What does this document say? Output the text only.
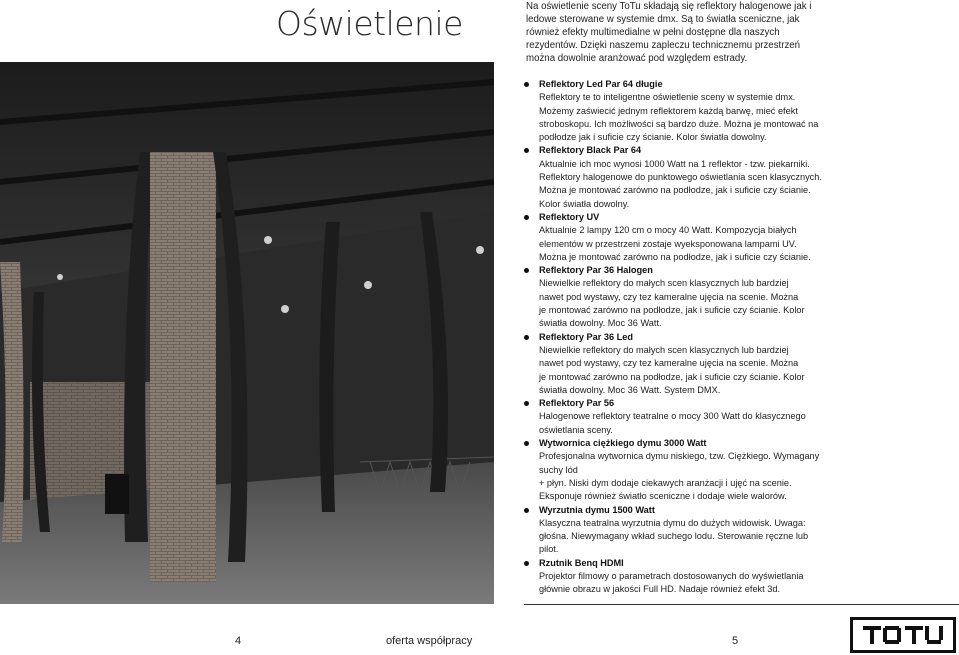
Oświetlenie	Na oświetlenie sceny ToTu składają się reflektory halogenowe jak i ledowe sterowane w systemie dmx. Są to światła sceniczne, jak również efekty multimedialne w pełni dostępne dla naszych rezydentów. Dzięki naszemu zapleczu technicznemu przestrzeń można dowolnie aranżować pod względem estrady.
Reflektory Led Par 64 długie
Reflektory te to inteligentne oświetlenie sceny w systemie dmx.
Możemy zaświecić jednym reflektorem każdą barwę, mieć efekt stroboskopu. Ich możliwości są bardzo duże. Można je montować na podłodze jak i suficie czy ścianie. Kolor światła dowolny.
Reflektory Black Par 64
Aktualnie ich moc wynosi 1000 Watt na 1 reflektor - tzw. piekarniki.
Reflektory halogenowe do punktowego oświetlania scen klasycznych. Można je montować zarówno na podłodze, jak i suficie czy ścianie. Kolor światła dowolny.
Reflektory UV
Aktualnie 2 lampy 120 cm o mocy 40 Watt. Kompozycja białych elementów w przestrzeni zostaje wyeksponowana lampami UV.
Można je montować zarówno na podłodze, jak i suficie czy ścianie.
Reflektory Par 36 Halogen
Niewielkie reflektory do małych scen klasycznych lub bardziej
nawet pod wystawy, czy tez kameralne ujęcia na scenie. Można
je montować zarówno na podłodze, jak i suficie czy ścianie. Kolor światła dowolny. Moc 36 Watt.
Reflektory Par 36 Led
Niewielkie reflektory do małych scen klasycznych lub bardziej
nawet pod wystawy, czy tez kameralne ujęcia na scenie. Można
je montować zarówno na podłodze, jak i suficie czy ścianie. Kolor światła dowolny. Moc 36 Watt. System DMX.
Reflektory Par 56
Halogenowe reflektory teatralne o mocy 300 Watt do klasycznego oświetlania sceny.
Wytwornica ciężkiego dymu 3000 Watt
Profesjonalna wytwornica dymu niskiego, tzw. Ciężkiego. Wymagany suchy lód
+ płyn. Niski dym dodaje ciekawych aranżacji i ujęć na scenie. Eksponuje również światło sceniczne i dodaje wiele walorów.
Wyrzutnia dymu 1500 Watt
Klasyczna teatralna wyrzutnia dymu do dużych widowisk. Uwaga: głośna. Niewymagany wkład suchego lodu. Sterowanie ręczne lub pilot.
Rzutnik Benq HDMI
Projektor filmowy o parametrach dostosowanych do wyświetlania głównie obrazu w jakości Full HD. Nadaje również efekt 3d.
4	oferta współpracy	5
